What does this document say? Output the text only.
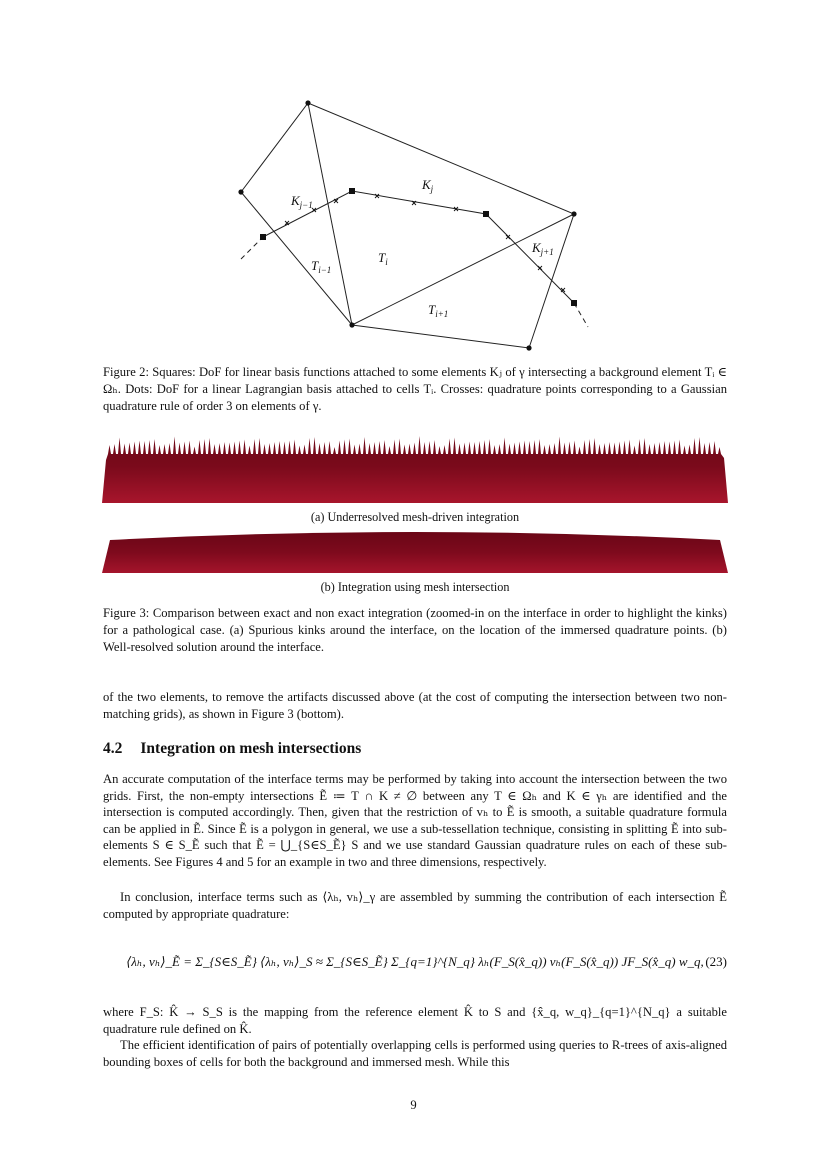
$K_{j-1}$
$K_j$
$K_{j+1}$
$T_{i-1}$
$T_i$
$T_{i+1}$
Figure 2: Squares: DoF for linear basis functions attached to some elements Kⱼ of γ intersecting a background element Tᵢ ∈ Ωₕ. Dots: DoF for a linear Lagrangian basis attached to cells Tᵢ. Crosses: quadrature points corresponding to a Gaussian quadrature rule of order 3 on elements of γ.
(a) Underresolved mesh-driven integration
(b) Integration using mesh intersection
Figure 3: Comparison between exact and non exact integration (zoomed-in on the interface in order to highlight the kinks) for a pathological case. (a) Spurious kinks around the interface, on the location of the immersed quadrature points. (b) Well-resolved solution around the interface.
of the two elements, to remove the artifacts discussed above (at the cost of computing the intersection between two non-matching grids), as shown in Figure 3 (bottom).
4.2 Integration on mesh intersections
An accurate computation of the interface terms may be performed by taking into account the intersection between the two grids. First, the non-empty intersections Ẽ ≔ T ∩ K ≠ ∅ between any T ∈ Ωₕ and K ∈ γₕ are identified and the intersection is computed accordingly. Then, given that the restriction of vₕ to Ẽ is smooth, a suitable quadrature formula can be applied in Ẽ. Since Ẽ is a polygon in general, we use a sub-tessellation technique, consisting in splitting Ẽ into sub-elements S ∈ S_Ẽ such that Ẽ = ⋃_{S∈S_Ẽ} S and we use standard Gaussian quadrature rules on each of these sub-elements. See Figures 4 and 5 for an example in two and three dimensions, respectively.
In conclusion, interface terms such as ⟨λₕ, vₕ⟩_γ are assembled by summing the contribution of each intersection Ẽ computed by appropriate quadrature:
⟨λₕ, vₕ⟩_Ẽ = Σ_{S∈S_Ẽ} ⟨λₕ, vₕ⟩_S ≈ Σ_{S∈S_Ẽ} Σ_{q=1}^{N_q} λₕ(F_S(x̂_q)) vₕ(F_S(x̂_q)) JF_S(x̂_q) w_q, (23)
where F_S: K̂ → S_S is the mapping from the reference element K̂ to S and {x̂_q, w_q}_{q=1}^{N_q} a suitable quadrature rule defined on K̂.
The efficient identification of pairs of potentially overlapping cells is performed using queries to R-trees of axis-aligned bounding boxes of cells for both the background and immersed mesh. While this
9
